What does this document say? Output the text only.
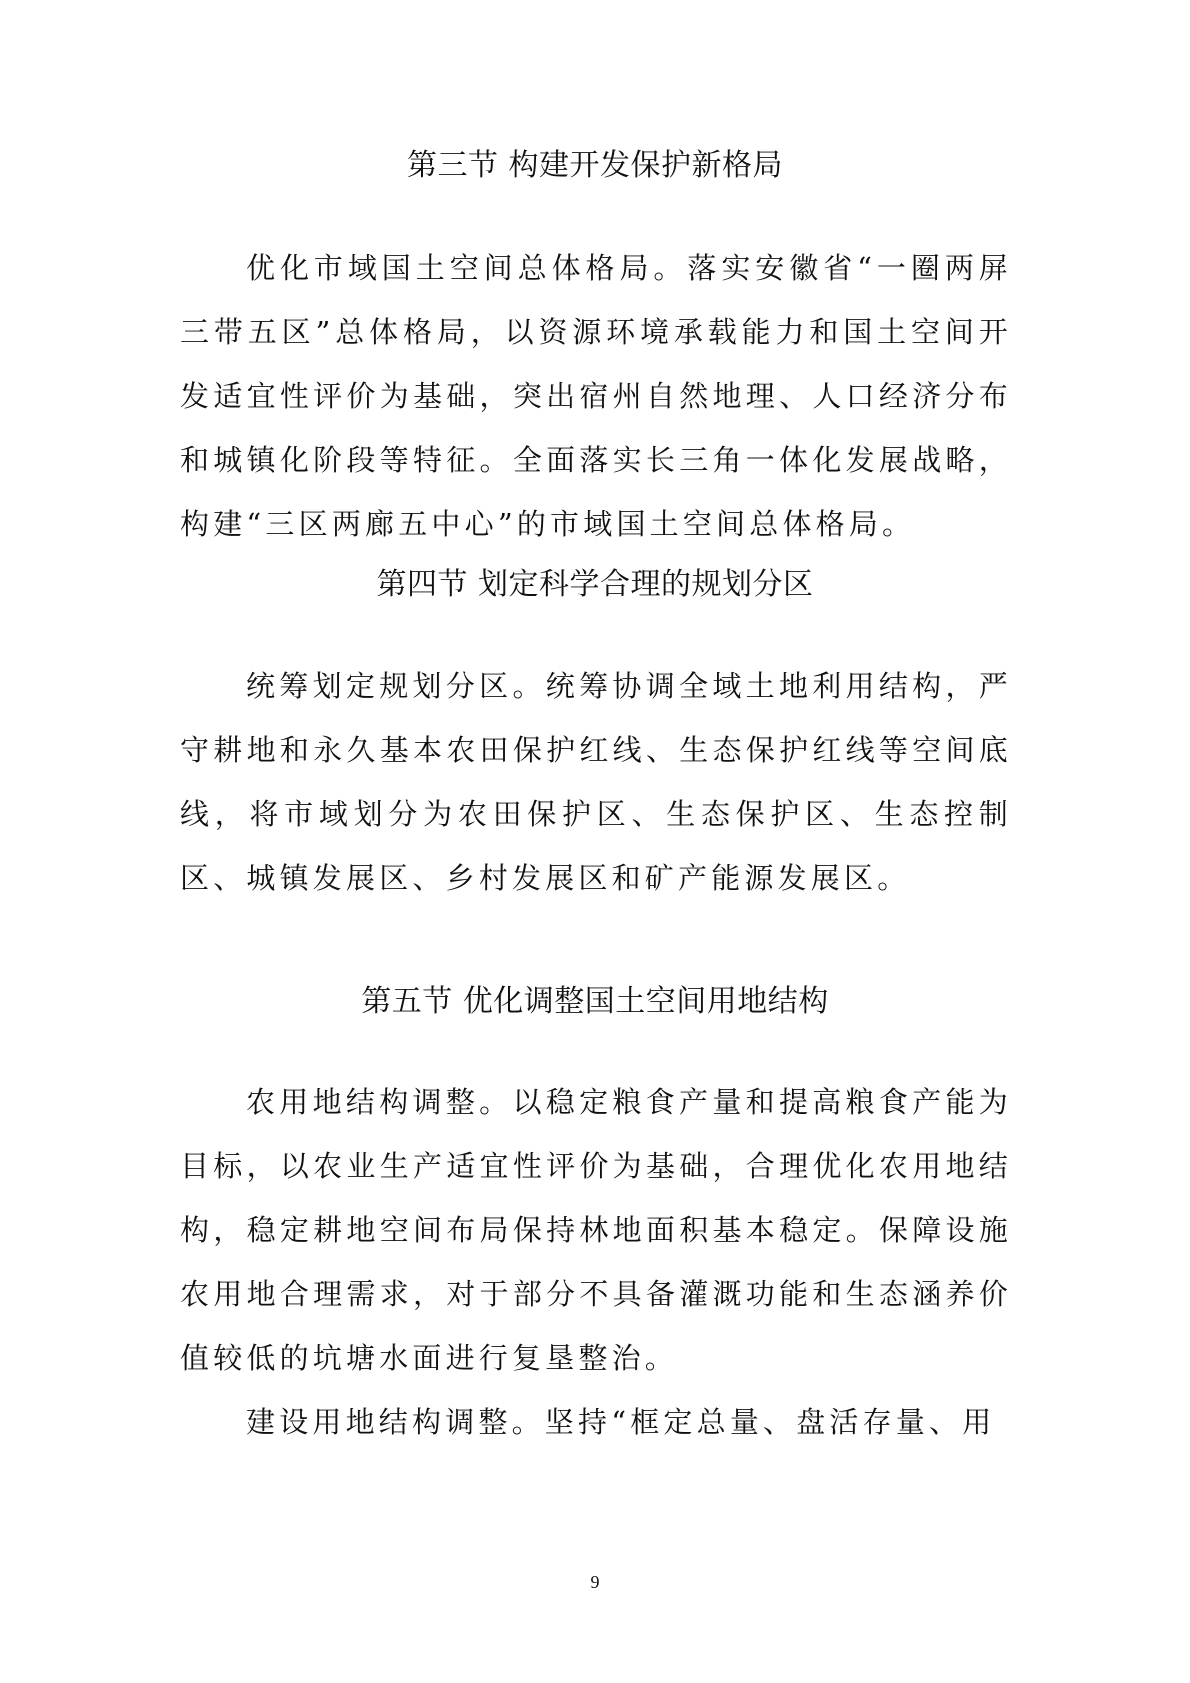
第三节 构建开发保护新格局

优化市域国土空间总体格局。落实安徽省“一圈两屏三带五区”总体格局，以资源环境承载能力和国土空间开发适宜性评价为基础，突出宿州自然地理、人口经济分布和城镇化阶段等特征。全面落实长三角一体化发展战略，构建“三区两廊五中心”的市域国土空间总体格局。

第四节 划定科学合理的规划分区

统筹划定规划分区。统筹协调全域土地利用结构，严守耕地和永久基本农田保护红线、生态保护红线等空间底线，将市域划分为农田保护区、生态保护区、生态控制区、城镇发展区、乡村发展区和矿产能源发展区。

第五节 优化调整国土空间用地结构

农用地结构调整。以稳定粮食产量和提高粮食产能为目标，以农业生产适宜性评价为基础，合理优化农用地结构，稳定耕地空间布局保持林地面积基本稳定。保障设施农用地合理需求，对于部分不具备灌溉功能和生态涵养价值较低的坑塘水面进行复垦整治。

建设用地结构调整。坚持“框定总量、盘活存量、用

9
